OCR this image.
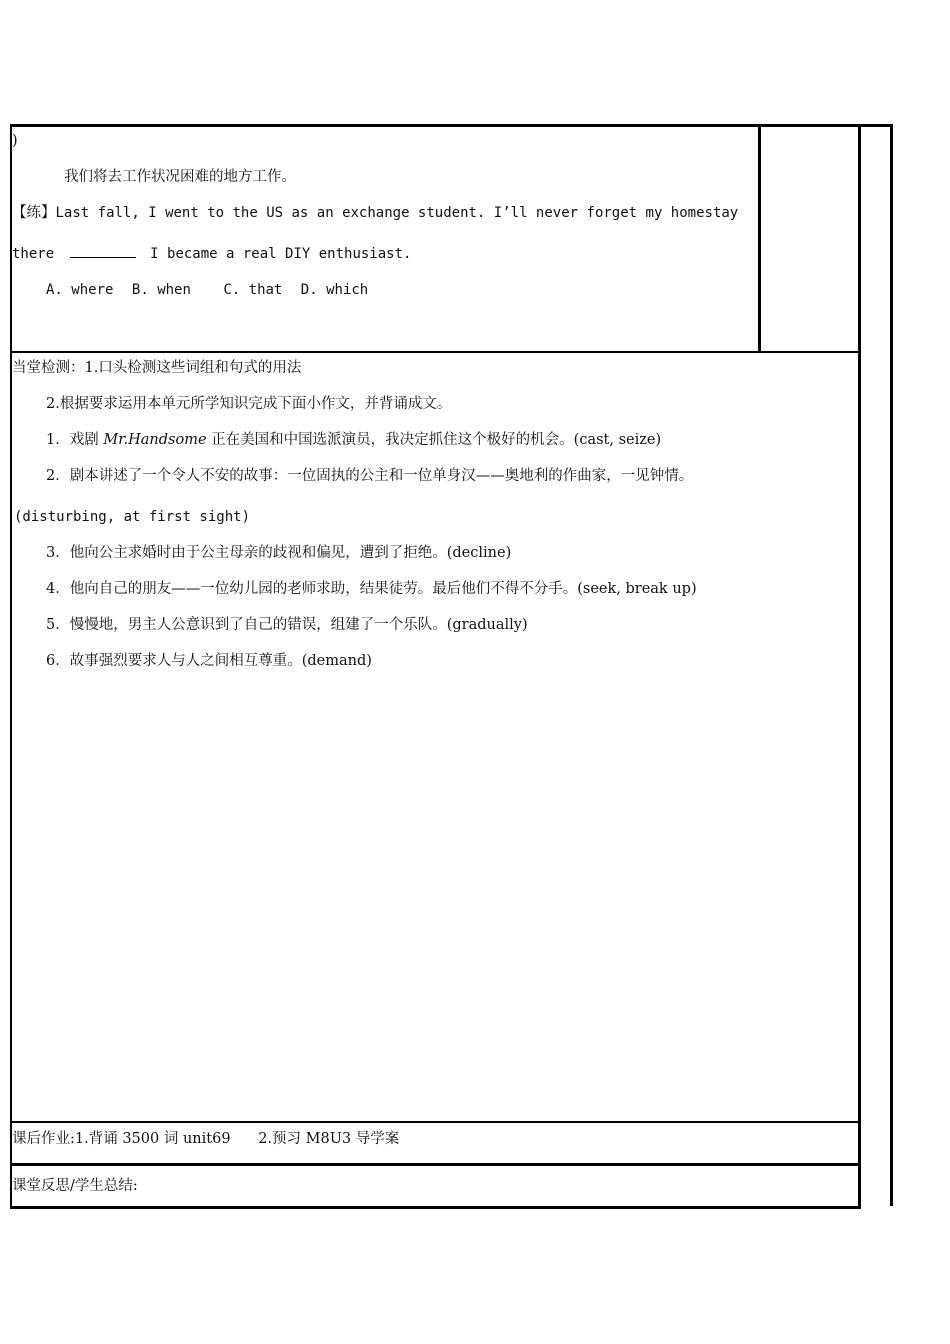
)
我们将去工作状况困难的地方工作。
【练】Last fall, I went to the US as an exchange student. I’ll never forget my homestay
there	I became a real DIY enthusiast.
A. where B. when C. that D. which
当堂检测：1.口头检测这些词组和句式的用法
2.根据要求运用本单元所学知识完成下面小作文，并背诵成文。
1．戏剧 Mr.Handsome 正在美国和中国选派演员，我决定抓住这个极好的机会。(cast, seize)
2．剧本讲述了一个令人不安的故事：一位固执的公主和一位单身汉——奥地利的作曲家，一见钟情。
(disturbing, at first sight)
3．他向公主求婚时由于公主母亲的歧视和偏见，遭到了拒绝。(decline)
4．他向自己的朋友——一位幼儿园的老师求助，结果徒劳。最后他们不得不分手。(seek, break up)
5．慢慢地，男主人公意识到了自己的错误，组建了一个乐队。(gradually)
6．故事强烈要求人与人之间相互尊重。(demand)
课后作业:1.背诵 3500 词 unit69      2.预习 M8U3 导学案
课堂反思/学生总结:
